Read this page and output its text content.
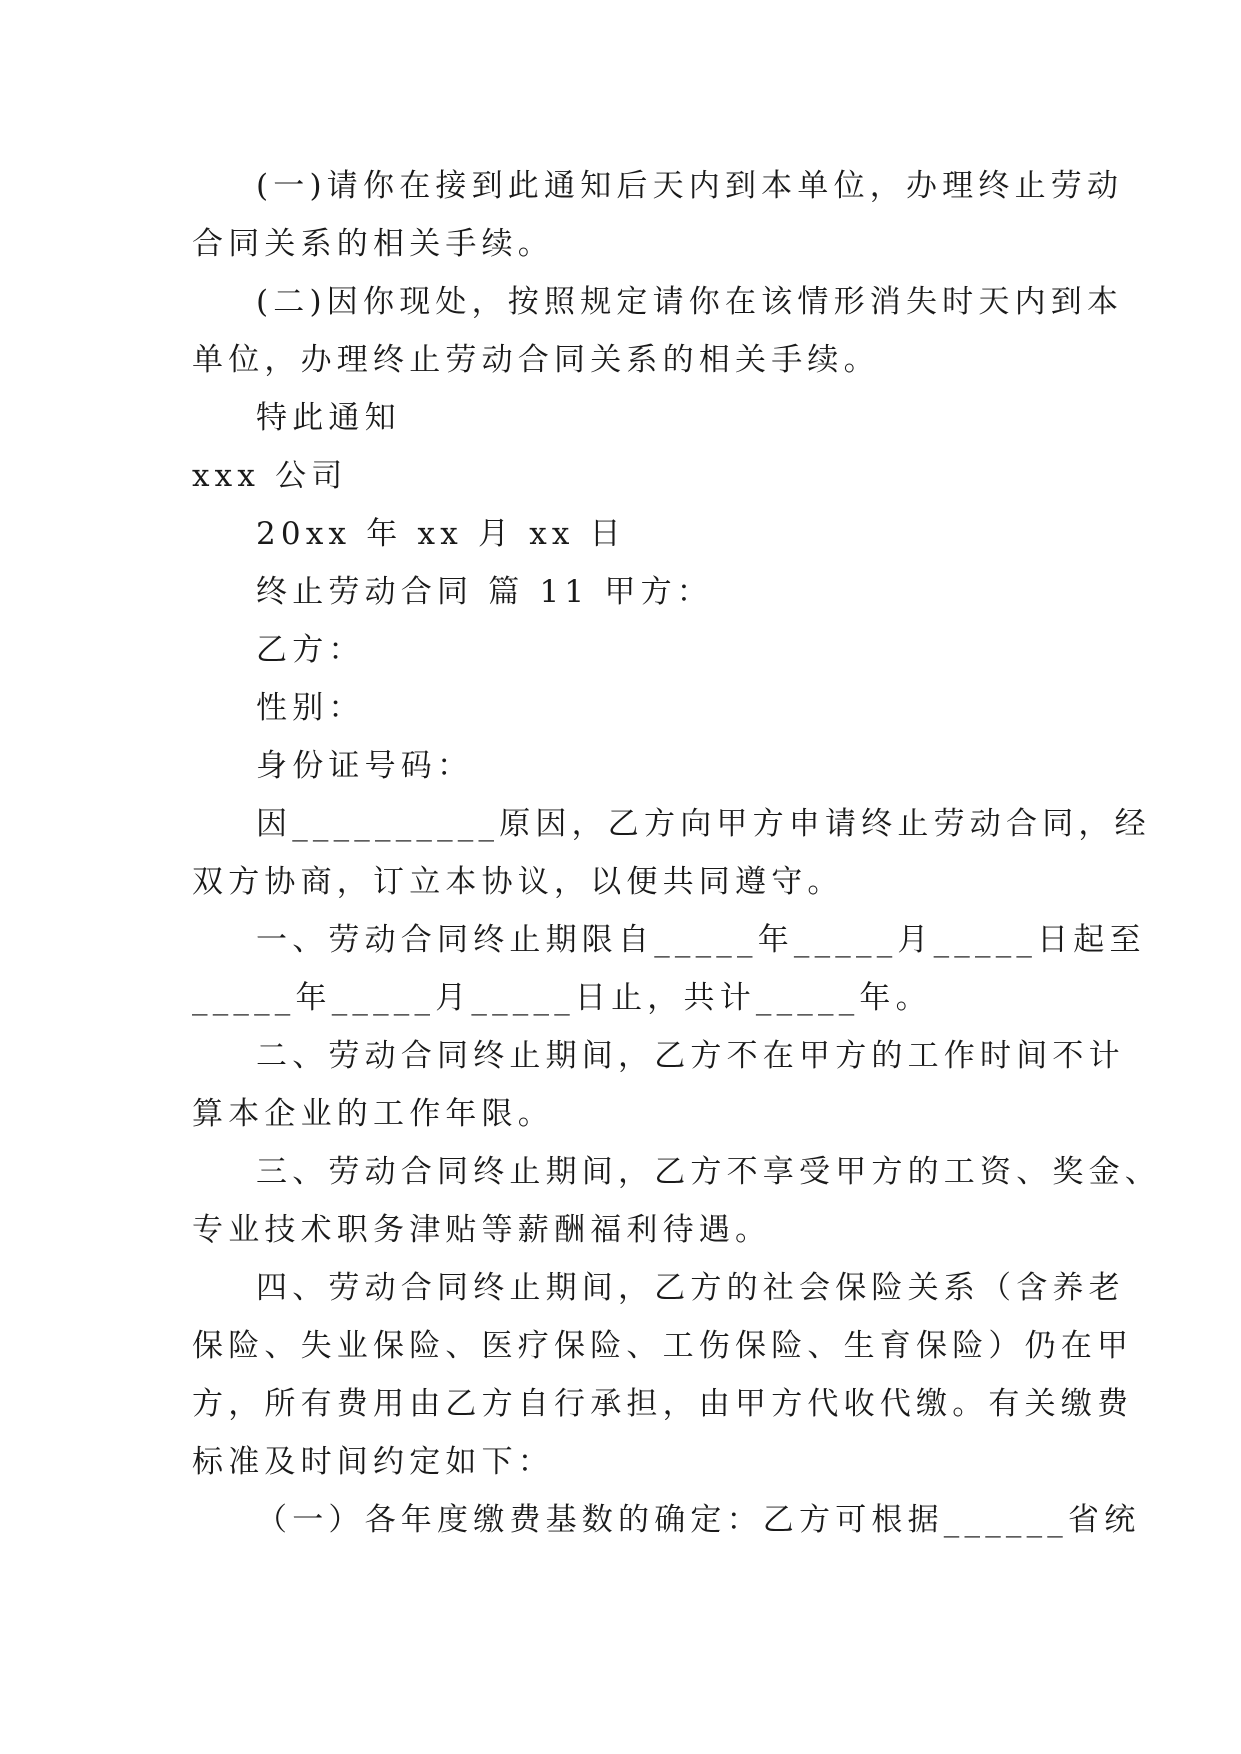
(一)请你在接到此通知后天内到本单位，办理终止劳动
合同关系的相关手续。
(二)因你现处，按照规定请你在该情形消失时天内到本
单位，办理终止劳动合同关系的相关手续。
特此通知
xxx 公司
20xx 年 xx 月 xx 日
终止劳动合同 篇 11 甲方：
乙方：
性别：
身份证号码：
因__________原因，乙方向甲方申请终止劳动合同，经
双方协商，订立本协议，以便共同遵守。
一、劳动合同终止期限自_____年_____月_____日起至
_____年_____月_____日止，共计_____年。
二、劳动合同终止期间，乙方不在甲方的工作时间不计
算本企业的工作年限。
三、劳动合同终止期间，乙方不享受甲方的工资、奖金、
专业技术职务津贴等薪酬福利待遇。
四、劳动合同终止期间，乙方的社会保险关系（含养老
保险、失业保险、医疗保险、工伤保险、生育保险）仍在甲
方，所有费用由乙方自行承担，由甲方代收代缴。有关缴费
标准及时间约定如下：
（一）各年度缴费基数的确定：乙方可根据______省统
